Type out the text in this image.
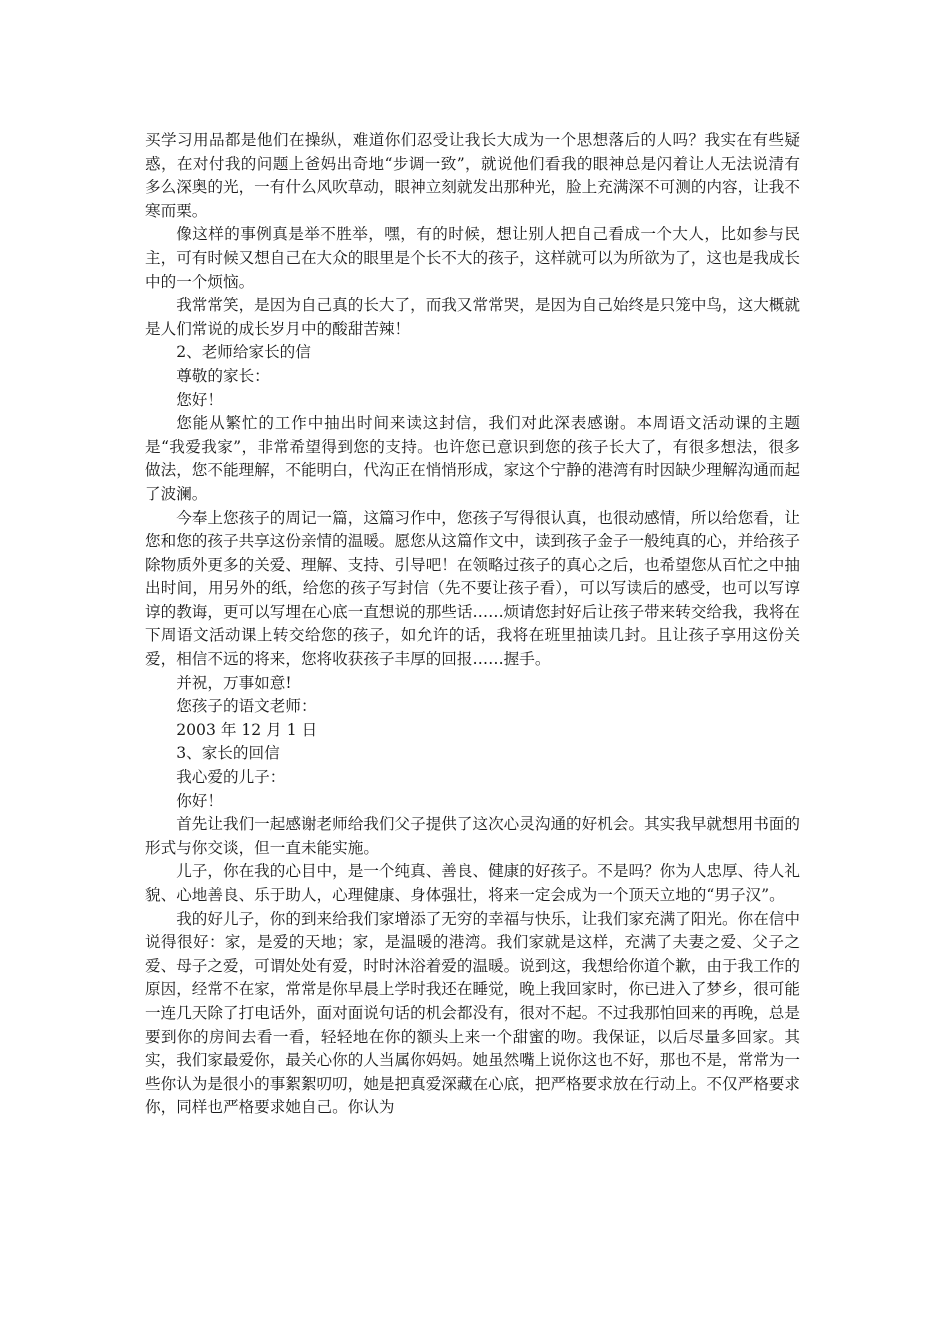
买学习用品都是他们在操纵，难道你们忍受让我长大成为一个思想落后的人吗？我实在有些疑惑，在对付我的问题上爸妈出奇地“步调一致”，就说他们看我的眼神总是闪着让人无法说清有多么深奥的光，一有什么风吹草动，眼神立刻就发出那种光，脸上充满深不可测的内容，让我不寒而栗。

像这样的事例真是举不胜举，嘿，有的时候，想让别人把自己看成一个大人，比如参与民主，可有时候又想自己在大众的眼里是个长不大的孩子，这样就可以为所欲为了，这也是我成长中的一个烦恼。

我常常笑，是因为自己真的长大了，而我又常常哭，是因为自己始终是只笼中鸟，这大概就是人们常说的成长岁月中的酸甜苦辣！

2、老师给家长的信

尊敬的家长：

您好！

您能从繁忙的工作中抽出时间来读这封信，我们对此深表感谢。本周语文活动课的主题是“我爱我家”，非常希望得到您的支持。也许您已意识到您的孩子长大了，有很多想法，很多做法，您不能理解，不能明白，代沟正在悄悄形成，家这个宁静的港湾有时因缺少理解沟通而起了波澜。

今奉上您孩子的周记一篇，这篇习作中，您孩子写得很认真，也很动感情，所以给您看，让您和您的孩子共享这份亲情的温暖。愿您从这篇作文中，读到孩子金子一般纯真的心，并给孩子除物质外更多的关爱、理解、支持、引导吧！在领略过孩子的真心之后，也希望您从百忙之中抽出时间，用另外的纸，给您的孩子写封信（先不要让孩子看），可以写读后的感受，也可以写谆谆的教诲，更可以写埋在心底一直想说的那些话……烦请您封好后让孩子带来转交给我，我将在下周语文活动课上转交给您的孩子，如允许的话，我将在班里抽读几封。且让孩子享用这份关爱，相信不远的将来，您将收获孩子丰厚的回报……握手。

并祝，万事如意!

您孩子的语文老师：

2003 年 12 月 1 日

3、家长的回信

我心爱的儿子：

你好！

首先让我们一起感谢老师给我们父子提供了这次心灵沟通的好机会。其实我早就想用书面的形式与你交谈，但一直未能实施。

儿子，你在我的心目中，是一个纯真、善良、健康的好孩子。不是吗？你为人忠厚、待人礼貌、心地善良、乐于助人，心理健康、身体强壮，将来一定会成为一个顶天立地的“男子汉”。

我的好儿子，你的到来给我们家增添了无穷的幸福与快乐，让我们家充满了阳光。你在信中说得很好：家，是爱的天地；家，是温暖的港湾。我们家就是这样，充满了夫妻之爱、父子之爱、母子之爱，可谓处处有爱，时时沐浴着爱的温暖。说到这，我想给你道个歉，由于我工作的原因，经常不在家，常常是你早晨上学时我还在睡觉，晚上我回家时，你已进入了梦乡，很可能一连几天除了打电话外，面对面说句话的机会都没有，很对不起。不过我那怕回来的再晚，总是要到你的房间去看一看，轻轻地在你的额头上来一个甜蜜的吻。我保证，以后尽量多回家。其实，我们家最爱你，最关心你的人当属你妈妈。她虽然嘴上说你这也不好，那也不是，常常为一些你认为是很小的事絮絮叨叨，她是把真爱深藏在心底，把严格要求放在行动上。不仅严格要求你，同样也严格要求她自己。你认为
